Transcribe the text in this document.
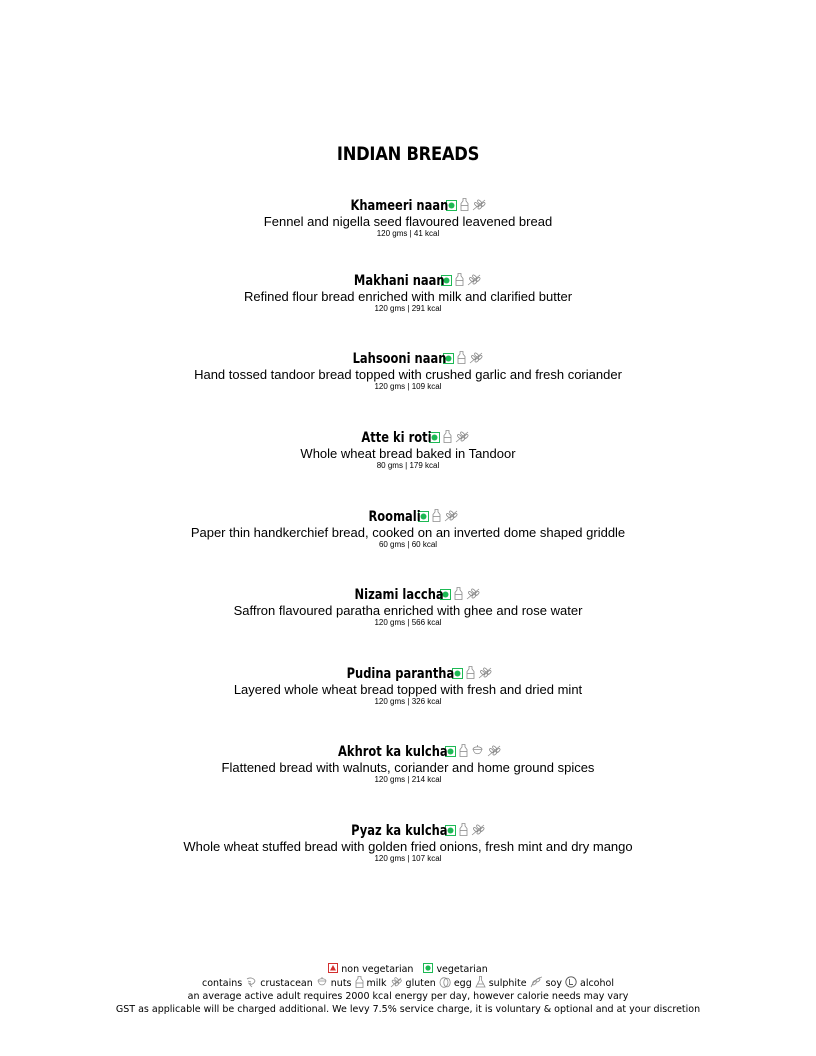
INDIAN BREADS
Khameeri naan
Fennel and nigella seed flavoured leavened bread
120 gms | 41 kcal
Makhani naan
Refined flour bread enriched with milk and clarified butter
120 gms | 291 kcal
Lahsooni naan
Hand tossed tandoor bread topped with crushed garlic and fresh coriander
120 gms | 109 kcal
Atte ki roti
Whole wheat bread baked in Tandoor
80 gms | 179 kcal
Roomali
Paper thin handkerchief bread, cooked on an inverted dome shaped griddle
60 gms | 60 kcal
Nizami laccha
Saffron flavoured paratha enriched with ghee and rose water
120 gms | 566 kcal
Pudina parantha
Layered whole wheat bread topped with fresh and dried mint
120 gms | 326 kcal
Akhrot ka kulcha
Flattened bread with walnuts, coriander and home ground spices
120 gms | 214 kcal
Pyaz ka kulcha
Whole wheat stuffed bread with golden fried onions, fresh mint and dry mango
120 gms | 107 kcal
non vegetarian vegetarian
contains crustacean nuts milk gluten egg sulphite soy alcohol
an average active adult requires 2000 kcal energy per day, however calorie needs may vary
GST as applicable will be charged additional. We levy 7.5% service charge, it is voluntary & optional and at your discretion
